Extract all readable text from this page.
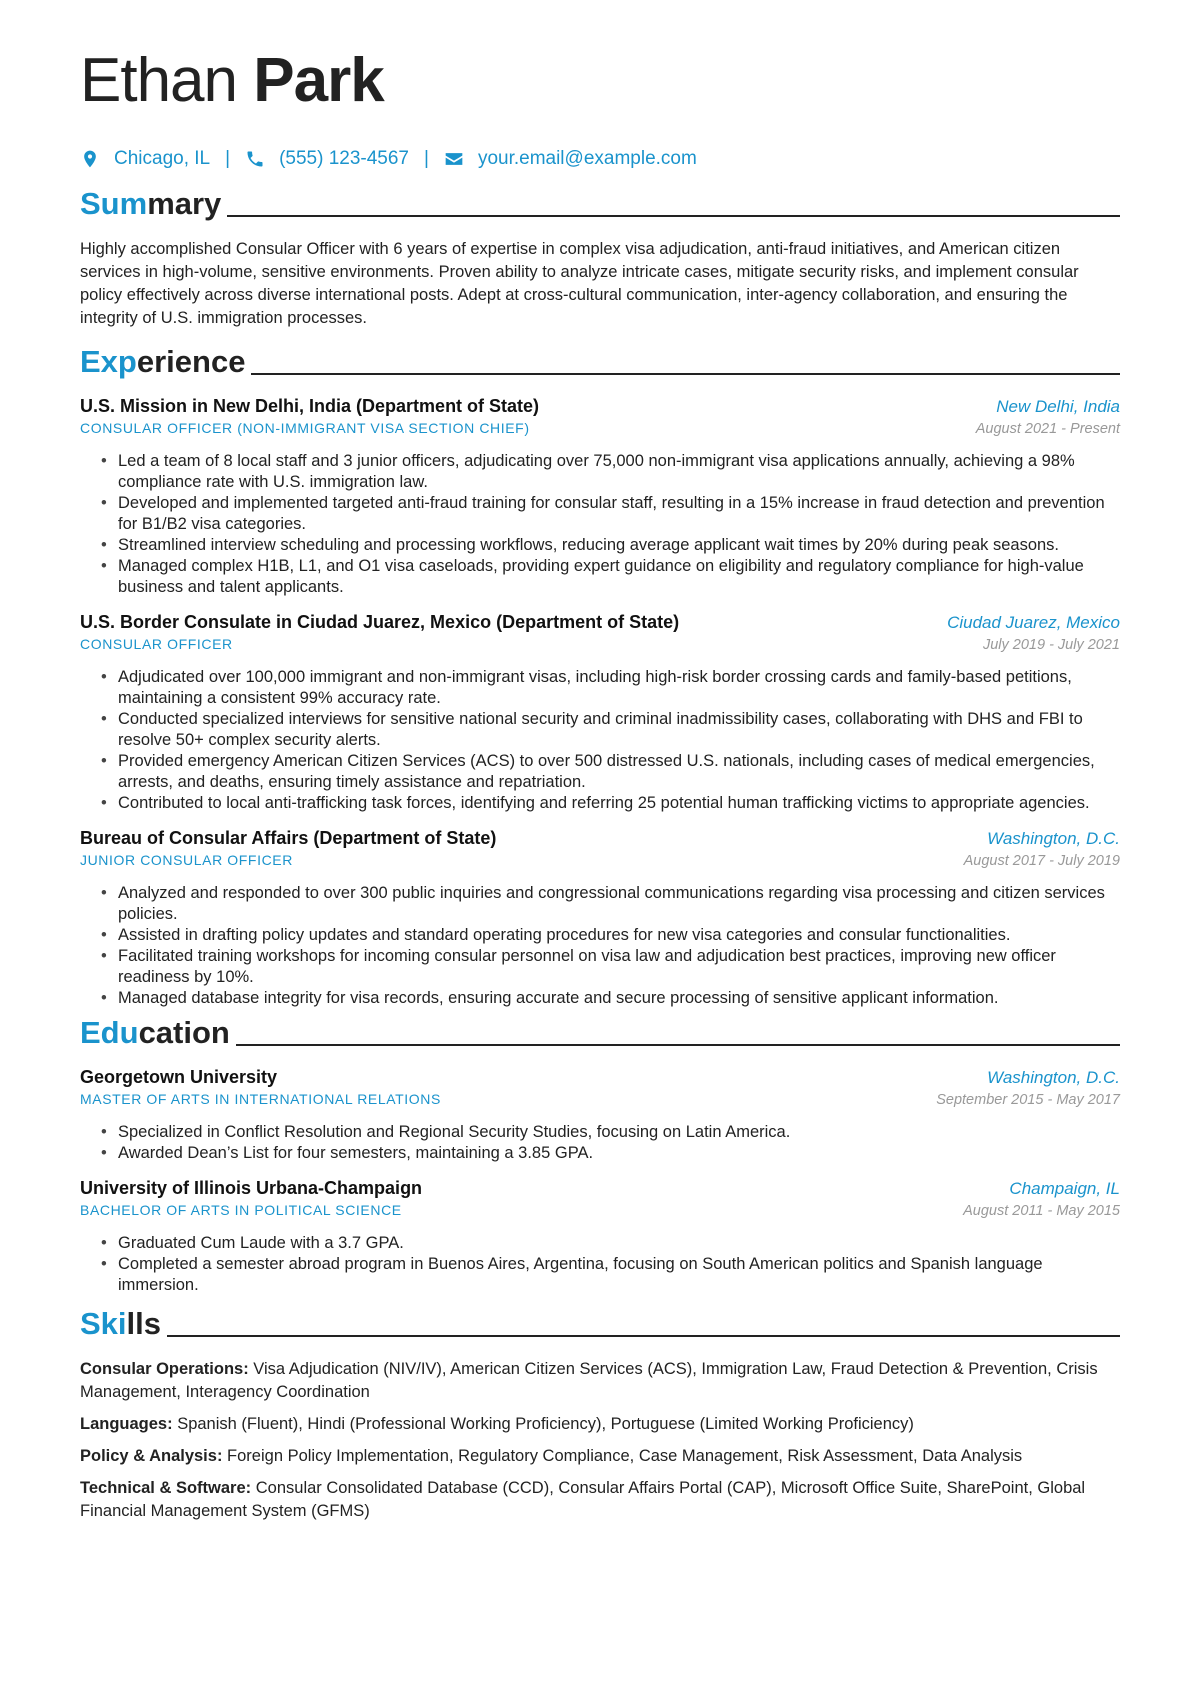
Ethan Park
Chicago, IL |	(555) 123-4567 |	your.email@example.com
Summary
Highly accomplished Consular Officer with 6 years of expertise in complex visa adjudication, anti-fraud initiatives, and American citizen services in high-volume, sensitive environments. Proven ability to analyze intricate cases, mitigate security risks, and implement consular policy effectively across diverse international posts. Adept at cross-cultural communication, inter-agency collaboration, and ensuring the integrity of U.S. immigration processes.
Experience
U.S. Mission in New Delhi, India (Department of State)	New Delhi, India
CONSULAR OFFICER (NON-IMMIGRANT VISA SECTION CHIEF)	August 2021 - Present
• Led a team of 8 local staff and 3 junior officers, adjudicating over 75,000 non-immigrant visa applications annually, achieving a 98% compliance rate with U.S. immigration law.
• Developed and implemented targeted anti-fraud training for consular staff, resulting in a 15% increase in fraud detection and prevention for B1/B2 visa categories.
• Streamlined interview scheduling and processing workflows, reducing average applicant wait times by 20% during peak seasons.
• Managed complex H1B, L1, and O1 visa caseloads, providing expert guidance on eligibility and regulatory compliance for high-value business and talent applicants.
U.S. Border Consulate in Ciudad Juarez, Mexico (Department of State)	Ciudad Juarez, Mexico
CONSULAR OFFICER	July 2019 - July 2021
• Adjudicated over 100,000 immigrant and non-immigrant visas, including high-risk border crossing cards and family-based petitions, maintaining a consistent 99% accuracy rate.
• Conducted specialized interviews for sensitive national security and criminal inadmissibility cases, collaborating with DHS and FBI to resolve 50+ complex security alerts.
• Provided emergency American Citizen Services (ACS) to over 500 distressed U.S. nationals, including cases of medical emergencies, arrests, and deaths, ensuring timely assistance and repatriation.
• Contributed to local anti-trafficking task forces, identifying and referring 25 potential human trafficking victims to appropriate agencies.
Bureau of Consular Affairs (Department of State)	Washington, D.C.
JUNIOR CONSULAR OFFICER	August 2017 - July 2019
• Analyzed and responded to over 300 public inquiries and congressional communications regarding visa processing and citizen services policies.
• Assisted in drafting policy updates and standard operating procedures for new visa categories and consular functionalities.
• Facilitated training workshops for incoming consular personnel on visa law and adjudication best practices, improving new officer readiness by 10%.
• Managed database integrity for visa records, ensuring accurate and secure processing of sensitive applicant information.
Education
Georgetown University	Washington, D.C.
MASTER OF ARTS IN INTERNATIONAL RELATIONS	September 2015 - May 2017
• Specialized in Conflict Resolution and Regional Security Studies, focusing on Latin America.
• Awarded Dean’s List for four semesters, maintaining a 3.85 GPA.
University of Illinois Urbana-Champaign	Champaign, IL
BACHELOR OF ARTS IN POLITICAL SCIENCE	August 2011 - May 2015
• Graduated Cum Laude with a 3.7 GPA.
• Completed a semester abroad program in Buenos Aires, Argentina, focusing on South American politics and Spanish language immersion.
Skills
Consular Operations: Visa Adjudication (NIV/IV), American Citizen Services (ACS), Immigration Law, Fraud Detection & Prevention, Crisis Management, Interagency Coordination
Languages: Spanish (Fluent), Hindi (Professional Working Proficiency), Portuguese (Limited Working Proficiency)
Policy & Analysis: Foreign Policy Implementation, Regulatory Compliance, Case Management, Risk Assessment, Data Analysis
Technical & Software: Consular Consolidated Database (CCD), Consular Affairs Portal (CAP), Microsoft Office Suite, SharePoint, Global Financial Management System (GFMS)
